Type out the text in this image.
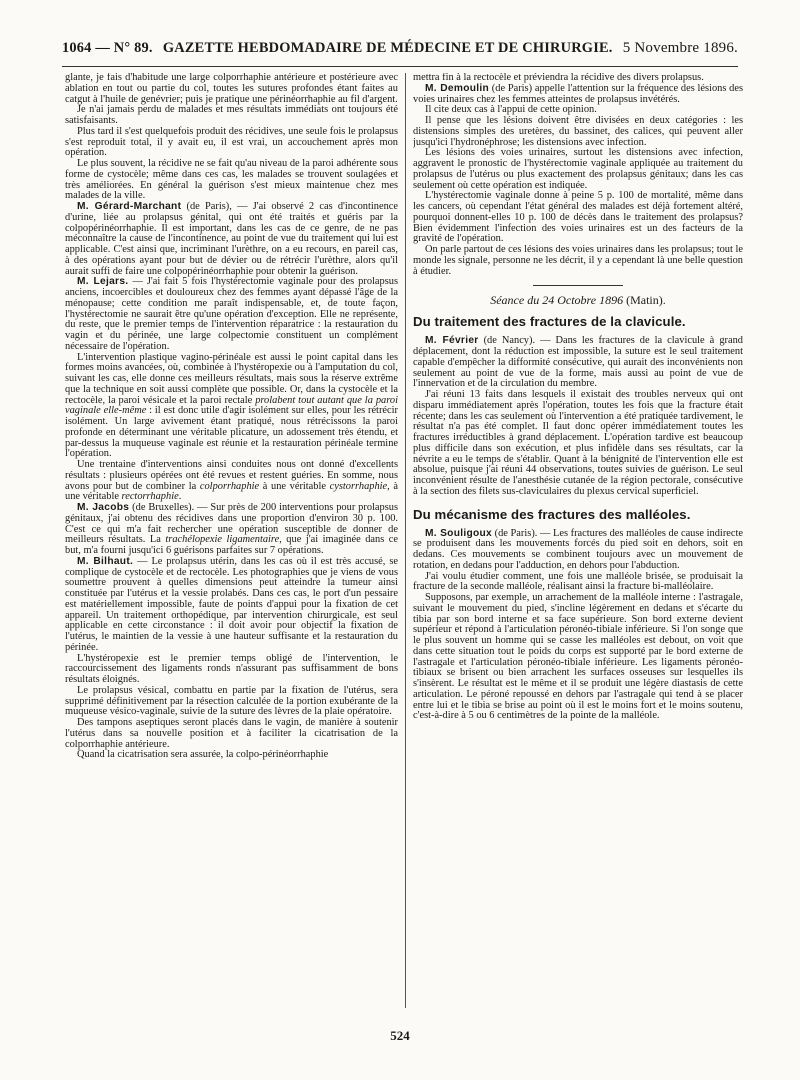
1064 — N° 89. GAZETTE HEBDOMADAIRE DE MÉDECINE ET DE CHIRURGIE. 5 Novembre 1896.

glante, je fais d'habitude une large colporrhaphie antérieure et postérieure avec ablation en tout ou partie du col, toutes les sutures profondes étant faites au catgut à l'huile de genévrier; puis je pratique une périnéorrhaphie au fil d'argent.

Je n'ai jamais perdu de malades et mes résultats immédiats ont toujours été satisfaisants.

Plus tard il s'est quelquefois produit des récidives, une seule fois le prolapsus s'est reproduit total, il y avait eu, il est vrai, un accouchement après mon opération.

Le plus souvent, la récidive ne se fait qu'au niveau de la paroi adhérente sous forme de cystocèle; même dans ces cas, les malades se trouvent soulagées et très améliorées. En général la guérison s'est mieux maintenue chez mes malades de la ville.

M. Gérard-Marchant (de Paris), — J'ai observé 2 cas d'incontinence d'urine, liée au prolapsus génital, qui ont été traités et guéris par la colpopérinéorrhaphie. Il est important, dans les cas de ce genre, de ne pas méconnaître la cause de l'incontinence, au point de vue du traitement qui lui est applicable. C'est ainsi que, incriminant l'urèthre, on a eu recours, en pareil cas, à des opérations ayant pour but de dévier ou de rétrécir l'urèthre, alors qu'il aurait suffi de faire une colpopérinéorrhaphie pour obtenir la guérison.

M. Lejars. — J'ai fait 5 fois l'hystérectomie vaginale pour des prolapsus anciens, incoercibles et douloureux chez des femmes ayant dépassé l'âge de la ménopause; cette condition me paraît indispensable, et, de toute façon, l'hystérectomie ne saurait être qu'une opération d'exception. Elle ne représente, du reste, que le premier temps de l'intervention réparatrice : la restauration du vagin et du périnée, une large colpectomie constituent un complément nécessaire de l'opération.

L'intervention plastique vagino-périnéale est aussi le point capital dans les formes moins avancées, où, combinée à l'hystéropexie ou à l'amputation du col, suivant les cas, elle donne ces meilleurs résultats, mais sous la réserve extrême que la technique en soit aussi complète que possible. Or, dans la cystocèle et la rectocèle, la paroi vésicale et la paroi rectale prolabent tout autant que la paroi vaginale elle-même : il est donc utile d'agir isolément sur elles, pour les rétrécir isolément. Un large avivement étant pratiqué, nous rétrécissons la paroi profonde en déterminant une véritable plicature, un adossement très étendu, et par-dessus la muqueuse vaginale est réunie et la restauration périnéale termine l'opération.

Une trentaine d'interventions ainsi conduites nous ont donné d'excellents résultats : plusieurs opérées ont été revues et restent guéries. En somme, nous avons pour but de combiner la colporrhaphie à une véritable cystorrhaphie, à une véritable rectorrhaphie.

M. Jacobs (de Bruxelles). — Sur près de 200 interventions pour prolapsus génitaux, j'ai obtenu des récidives dans une proportion d'environ 30 p. 100. C'est ce qui m'a fait rechercher une opération susceptible de donner de meilleurs résultats. La trachélopexie ligamentaire, que j'ai imaginée dans ce but, m'a fourni jusqu'ici 6 guérisons parfaites sur 7 opérations.

M. Bilhaut. — Le prolapsus utérin, dans les cas où il est très accusé, se complique de cystocèle et de rectocèle. Les photographies que je viens de vous soumettre prouvent à quelles dimensions peut atteindre la tumeur ainsi constituée par l'utérus et la vessie prolabés. Dans ces cas, le port d'un pessaire est matériellement impossible, faute de points d'appui pour la fixation de cet appareil. Un traitement orthopédique, par intervention chirurgicale, est seul applicable en cette circonstance : il doit avoir pour objectif la fixation de l'utérus, le maintien de la vessie à une hauteur suffisante et la restauration du périnée.

L'hystéropexie est le premier temps obligé de l'intervention, le raccourcissement des ligaments ronds n'assurant pas suffisamment de bons résultats éloignés.

Le prolapsus vésical, combattu en partie par la fixation de l'utérus, sera supprimé définitivement par la résection calculée de la portion exubérante de la muqueuse vésico-vaginale, suivie de la suture des lèvres de la plaie opératoire.

Des tampons aseptiques seront placés dans le vagin, de manière à soutenir l'utérus dans sa nouvelle position et à faciliter la cicatrisation de la colporrhaphie antérieure.

Quand la cicatrisation sera assurée, la colpo-périnéorrhaphie

mettra fin à la rectocèle et préviendra la récidive des divers prolapsus.

M. Demoulin (de Paris) appelle l'attention sur la fréquence des lésions des voies urinaires chez les femmes atteintes de prolapsus invétérés.

Il cite deux cas à l'appui de cette opinion.

Il pense que les lésions doivent être divisées en deux catégories : les distensions simples des uretères, du bassinet, des calices, qui peuvent aller jusqu'ici l'hydronéphrose; les distensions avec infection.

Les lésions des voies urinaires, surtout les distensions avec infection, aggravent le pronostic de l'hystérectomie vaginale appliquée au traitement du prolapsus de l'utérus ou plus exactement des prolapsus génitaux; dans les cas seulement où cette opération est indiquée.

L'hystérectomie vaginale donne à peine 5 p. 100 de mortalité, même dans les cancers, où cependant l'état général des malades est déjà fortement altéré, pourquoi donnent-elles 10 p. 100 de décès dans le traitement des prolapsus? Bien évidemment l'infection des voies urinaires est un des facteurs de la gravité de l'opération.

On parle partout de ces lésions des voies urinaires dans les prolapsus; tout le monde les signale, personne ne les décrit, il y a cependant là une belle question à étudier.

Séance du 24 Octobre 1896 (Matin).
Du traitement des fractures de la clavicule.

M. Février (de Nancy). — Dans les fractures de la clavicule à grand déplacement, dont la réduction est impossible, la suture est le seul traitement capable d'empêcher la difformité consécutive, qui aurait des inconvénients non seulement au point de vue de la forme, mais aussi au point de vue de l'innervation et de la circulation du membre.

J'ai réuni 13 faits dans lesquels il existait des troubles nerveux qui ont disparu immédiatement après l'opération, toutes les fois que la fracture était récente; dans les cas seulement où l'intervention a été pratiquée tardivement, le résultat n'a pas été complet. Il faut donc opérer immédiatement toutes les fractures irréductibles à grand déplacement. L'opération tardive est beaucoup plus difficile dans son exécution, et plus infidèle dans ses résultats, car la névrite a eu le temps de s'établir. Quant à la bénignité de l'intervention elle est absolue, puisque j'ai réuni 44 observations, toutes suivies de guérison. Le seul inconvénient résulte de l'anesthésie cutanée de la région pectorale, consécutive à la section des filets sus-claviculaires du plexus cervical superficiel.

Du mécanisme des fractures des malléoles.

M. Souligoux (de Paris). — Les fractures des malléoles de cause indirecte se produisent dans les mouvements forcés du pied soit en dehors, soit en dedans. Ces mouvements se combinent toujours avec un mouvement de rotation, en dedans pour l'adduction, en dehors pour l'abduction.

J'ai voulu étudier comment, une fois une malléole brisée, se produisait la fracture de la seconde malléole, réalisant ainsi la fracture bi-malléolaire.

Supposons, par exemple, un arrachement de la malléole interne : l'astragale, suivant le mouvement du pied, s'incline légèrement en dedans et s'écarte du tibia par son bord interne et sa face supérieure. Son bord externe devient supérieur et répond à l'articulation péronéo-tibiale inférieure. Si l'on songe que le plus souvent un homme qui se casse les malléoles est debout, on voit que dans cette situation tout le poids du corps est supporté par le bord externe de l'astragale et l'articulation péronéo-tibiale inférieure. Les ligaments péronéo-tibiaux se brisent ou bien arrachent les surfaces osseuses sur lesquelles ils s'insèrent. Le résultat est le même et il se produit une légère diastasis de cette articulation. Le péroné repoussé en dehors par l'astragale qui tend à se placer entre lui et le tibia se brise au point où il est le moins fort et le moins soutenu, c'est-à-dire à 5 ou 6 centimètres de la pointe de la malléole.

524
